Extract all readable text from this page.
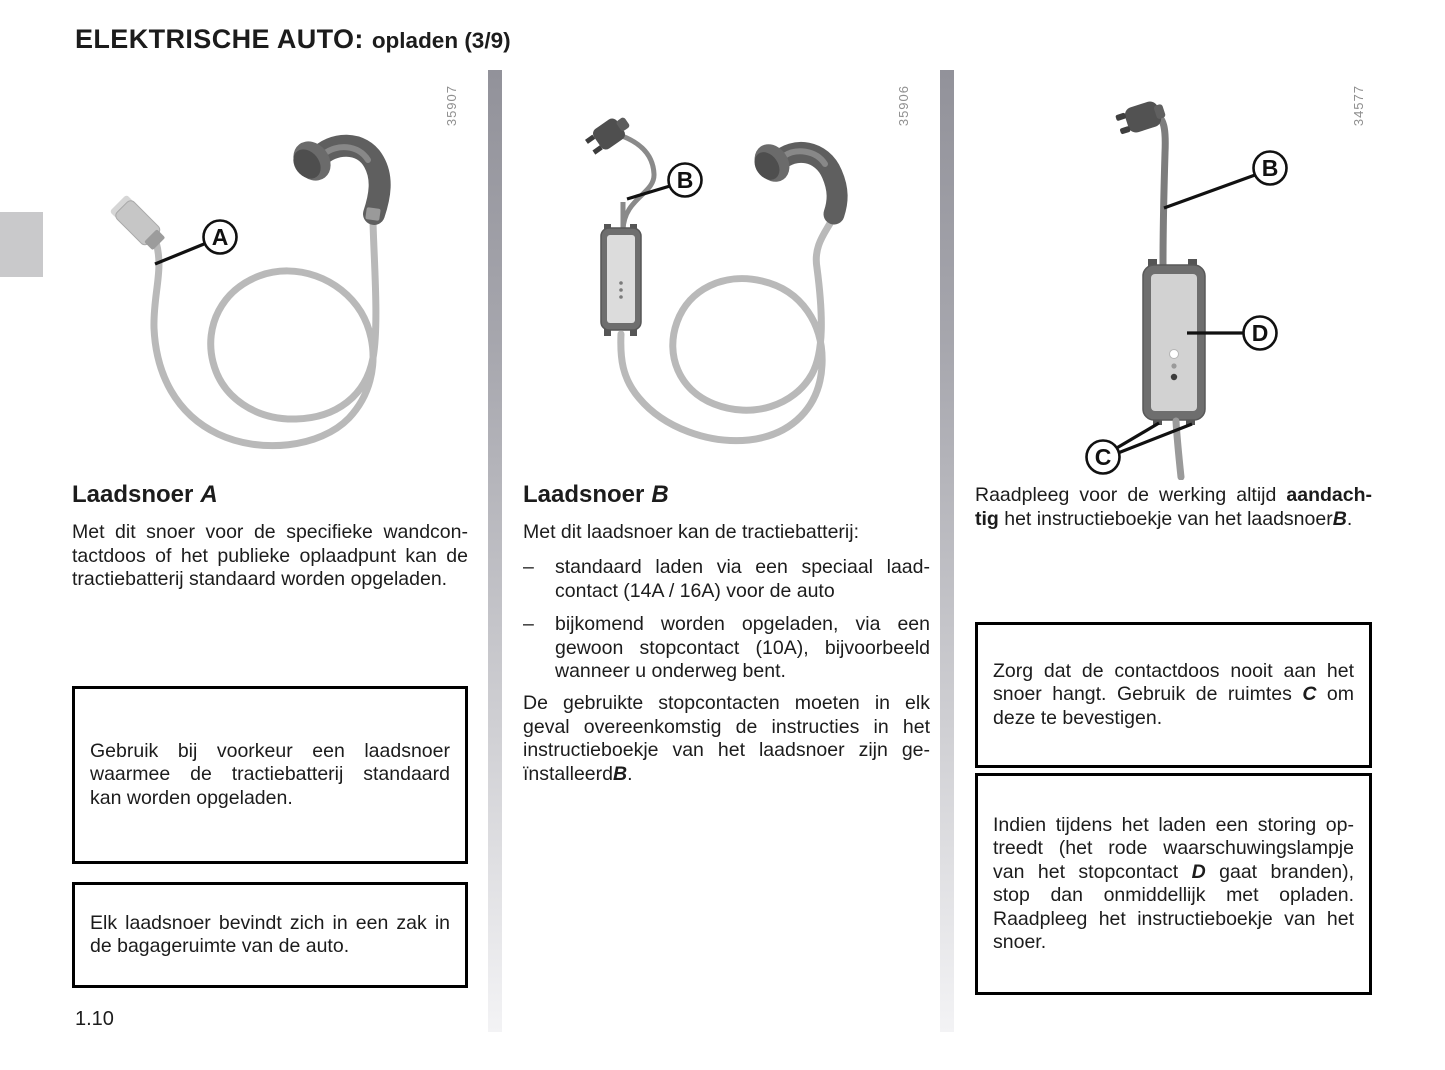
ELEKTRISCHE AUTO: opladen (3/9)
35907	35906	34577
A
B	B
D
C
Laadsnoer A
Met dit snoer voor de specifieke wandcon-
tactdoos of het publieke oplaadpunt kan de
tractiebatterij standaard worden opgeladen.
Gebruik bij voorkeur een laadsnoer
waarmee de tractiebatterij standaard
kan worden opgeladen.
Elk laadsnoer bevindt zich in een zak in
de bagageruimte van de auto.
Laadsnoer B
Met dit laadsnoer kan de tractiebatterij:
–	standaard laden via een speciaal laad-
contact (14A / 16A) voor de auto
–	bijkomend worden opgeladen, via een
gewoon stopcontact (10A), bijvoorbeeld
wanneer u onderweg bent.
De gebruikte stopcontacten moeten in elk
geval overeenkomstig de instructies in het
instructieboekje van het laadsnoer zijn ge-
ïnstalleerdB.
Raadpleeg voor de werking altijd aandach-
tig het instructieboekje van het laadsnoerB.
Zorg dat de contactdoos nooit aan het
snoer hangt. Gebruik de ruimtes C om
deze te bevestigen.
Indien tijdens het laden een storing op-
treedt (het rode waarschuwingslampje
van het stopcontact D gaat branden),
stop dan onmiddellijk met opladen.
Raadpleeg het instructieboekje van het
snoer.
1.10
